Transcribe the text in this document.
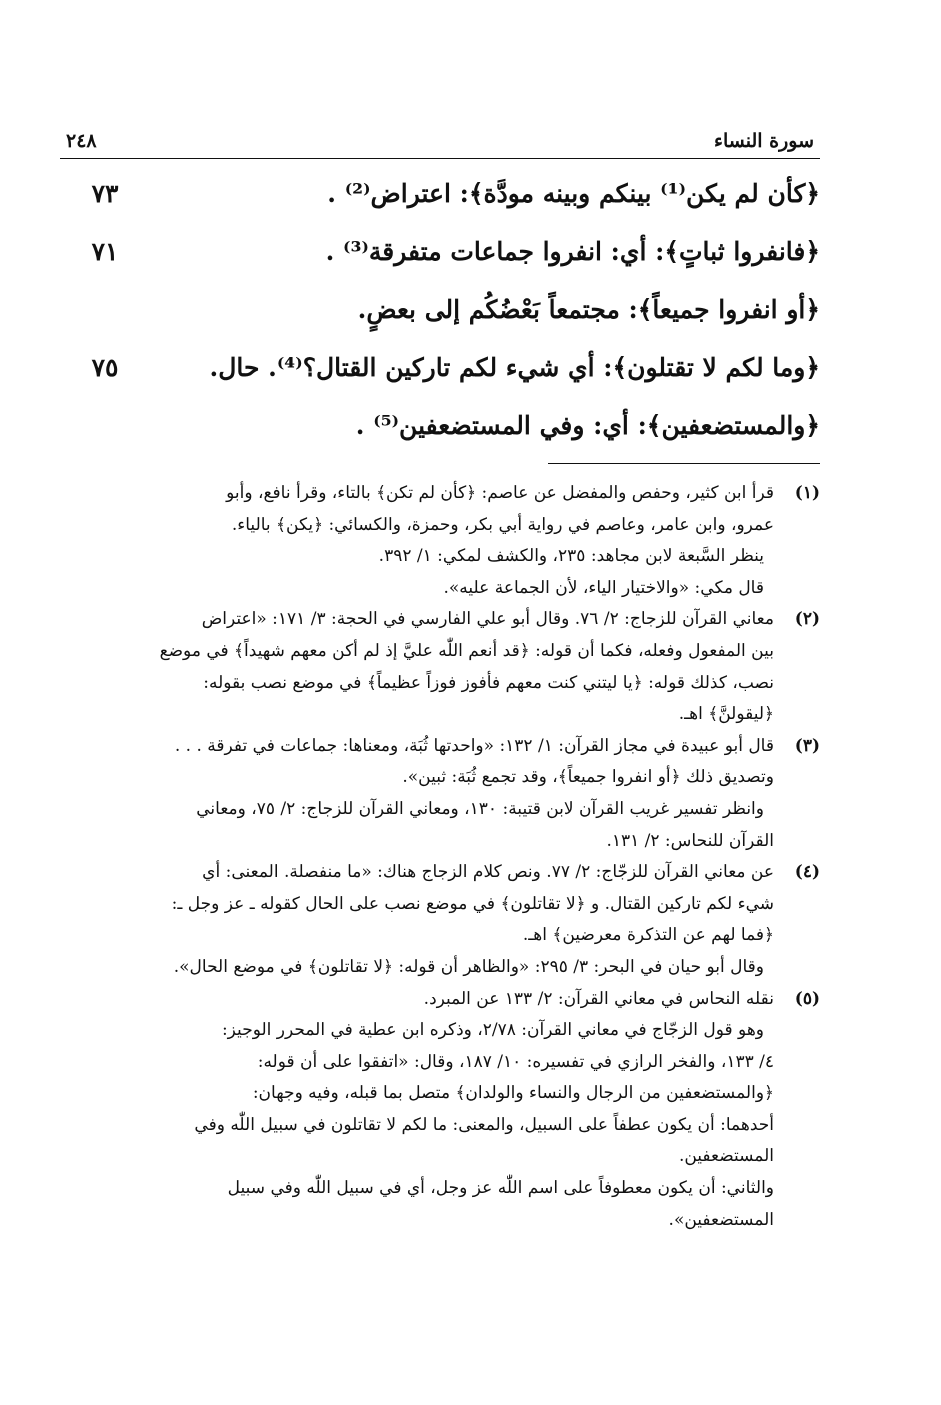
سورة النساء
٢٤٨
﴿كأن لم يكن⁽¹⁾ بينكم وبينه مودَّة﴾: اعتراض⁽²⁾ .
٧٣
﴿فانفروا ثباتٍ﴾: أي: انفروا جماعات متفرقة⁽³⁾ .
٧١
﴿أو انفروا جميعاً﴾: مجتمعاً بَعْضُكُم إلى بعضٍ.
﴿وما لكم لا تقتلون﴾: أي شيء لكم تاركين القتال؟⁽⁴⁾. حال.
٧٥
﴿والمستضعفين﴾: أي: وفي المستضعفين⁽⁵⁾ .
(١)
قرأ ابن كثير، وحفص والمفضل عن عاصم: ﴿كأن لم تكن﴾ بالتاء، وقرأ نافع، وأبو
عمرو، وابن عامر، وعاصم في رواية أبي بكر، وحمزة، والكسائي: ﴿يكن﴾ بالياء.
ينظر السَّبعة لابن مجاهد: ٢٣٥، والكشف لمكي: ١/ ٣٩٢.
قال مكي: «والاختيار الياء، لأن الجماعة عليه».
(٢)
معاني القرآن للزجاج: ٢/ ٧٦. وقال أبو علي الفارسي في الحجة: ٣/ ١٧١: «اعتراض
بين المفعول وفعله، فكما أن قوله: ﴿قد أنعم اللّٰه عليَّ إذ لم أكن معهم شهيداً﴾ في موضع
نصب، كذلك قوله: ﴿يا ليتني كنت معهم فأفوز فوزاً عظيماً﴾ في موضع نصب بقوله:
﴿ليقولنَّ﴾ اهـ.
(٣)
قال أبو عبيدة في مجاز القرآن: ١/ ١٣٢: «واحدتها ثُبَة، ومعناها: جماعات في تفرقة . . .
وتصديق ذلك ﴿أو انفروا جميعاً﴾، وقد تجمع ثُبَة: ثبين».
وانظر تفسير غريب القرآن لابن قتيبة: ١٣٠، ومعاني القرآن للزجاج: ٢/ ٧٥، ومعاني
القرآن للنحاس: ٢/ ١٣١.
(٤)
عن معاني القرآن للزجّاج: ٢/ ٧٧. ونص كلام الزجاج هناك: «ما منفصلة. المعنى: أي
شيء لكم تاركين القتال. و ﴿لا تقاتلون﴾ في موضع نصب على الحال كقوله ـ عز وجل ـ:
﴿فما لهم عن التذكرة معرضين﴾ اهـ.
وقال أبو حيان في البحر: ٣/ ٢٩٥: «والظاهر أن قوله: ﴿لا تقاتلون﴾ في موضع الحال».
(٥)
نقله النحاس في معاني القرآن: ٢/ ١٣٣ عن المبرد.
وهو قول الزجّاج في معاني القرآن: ٢/٧٨، وذكره ابن عطية في المحرر الوجيز:
٤/ ١٣٣، والفخر الرازي في تفسيره: ١٠/ ١٨٧، وقال: «اتفقوا على أن قوله:
﴿والمستضعفين من الرجال والنساء والولدان﴾ متصل بما قبله، وفيه وجهان:
أحدهما: أن يكون عطفاً على السبيل، والمعنى: ما لكم لا تقاتلون في سبيل اللّٰه وفي
المستضعفين.
والثاني: أن يكون معطوفاً على اسم اللّٰه عز وجل، أي في سبيل اللّٰه وفي سبيل
المستضعفين».
